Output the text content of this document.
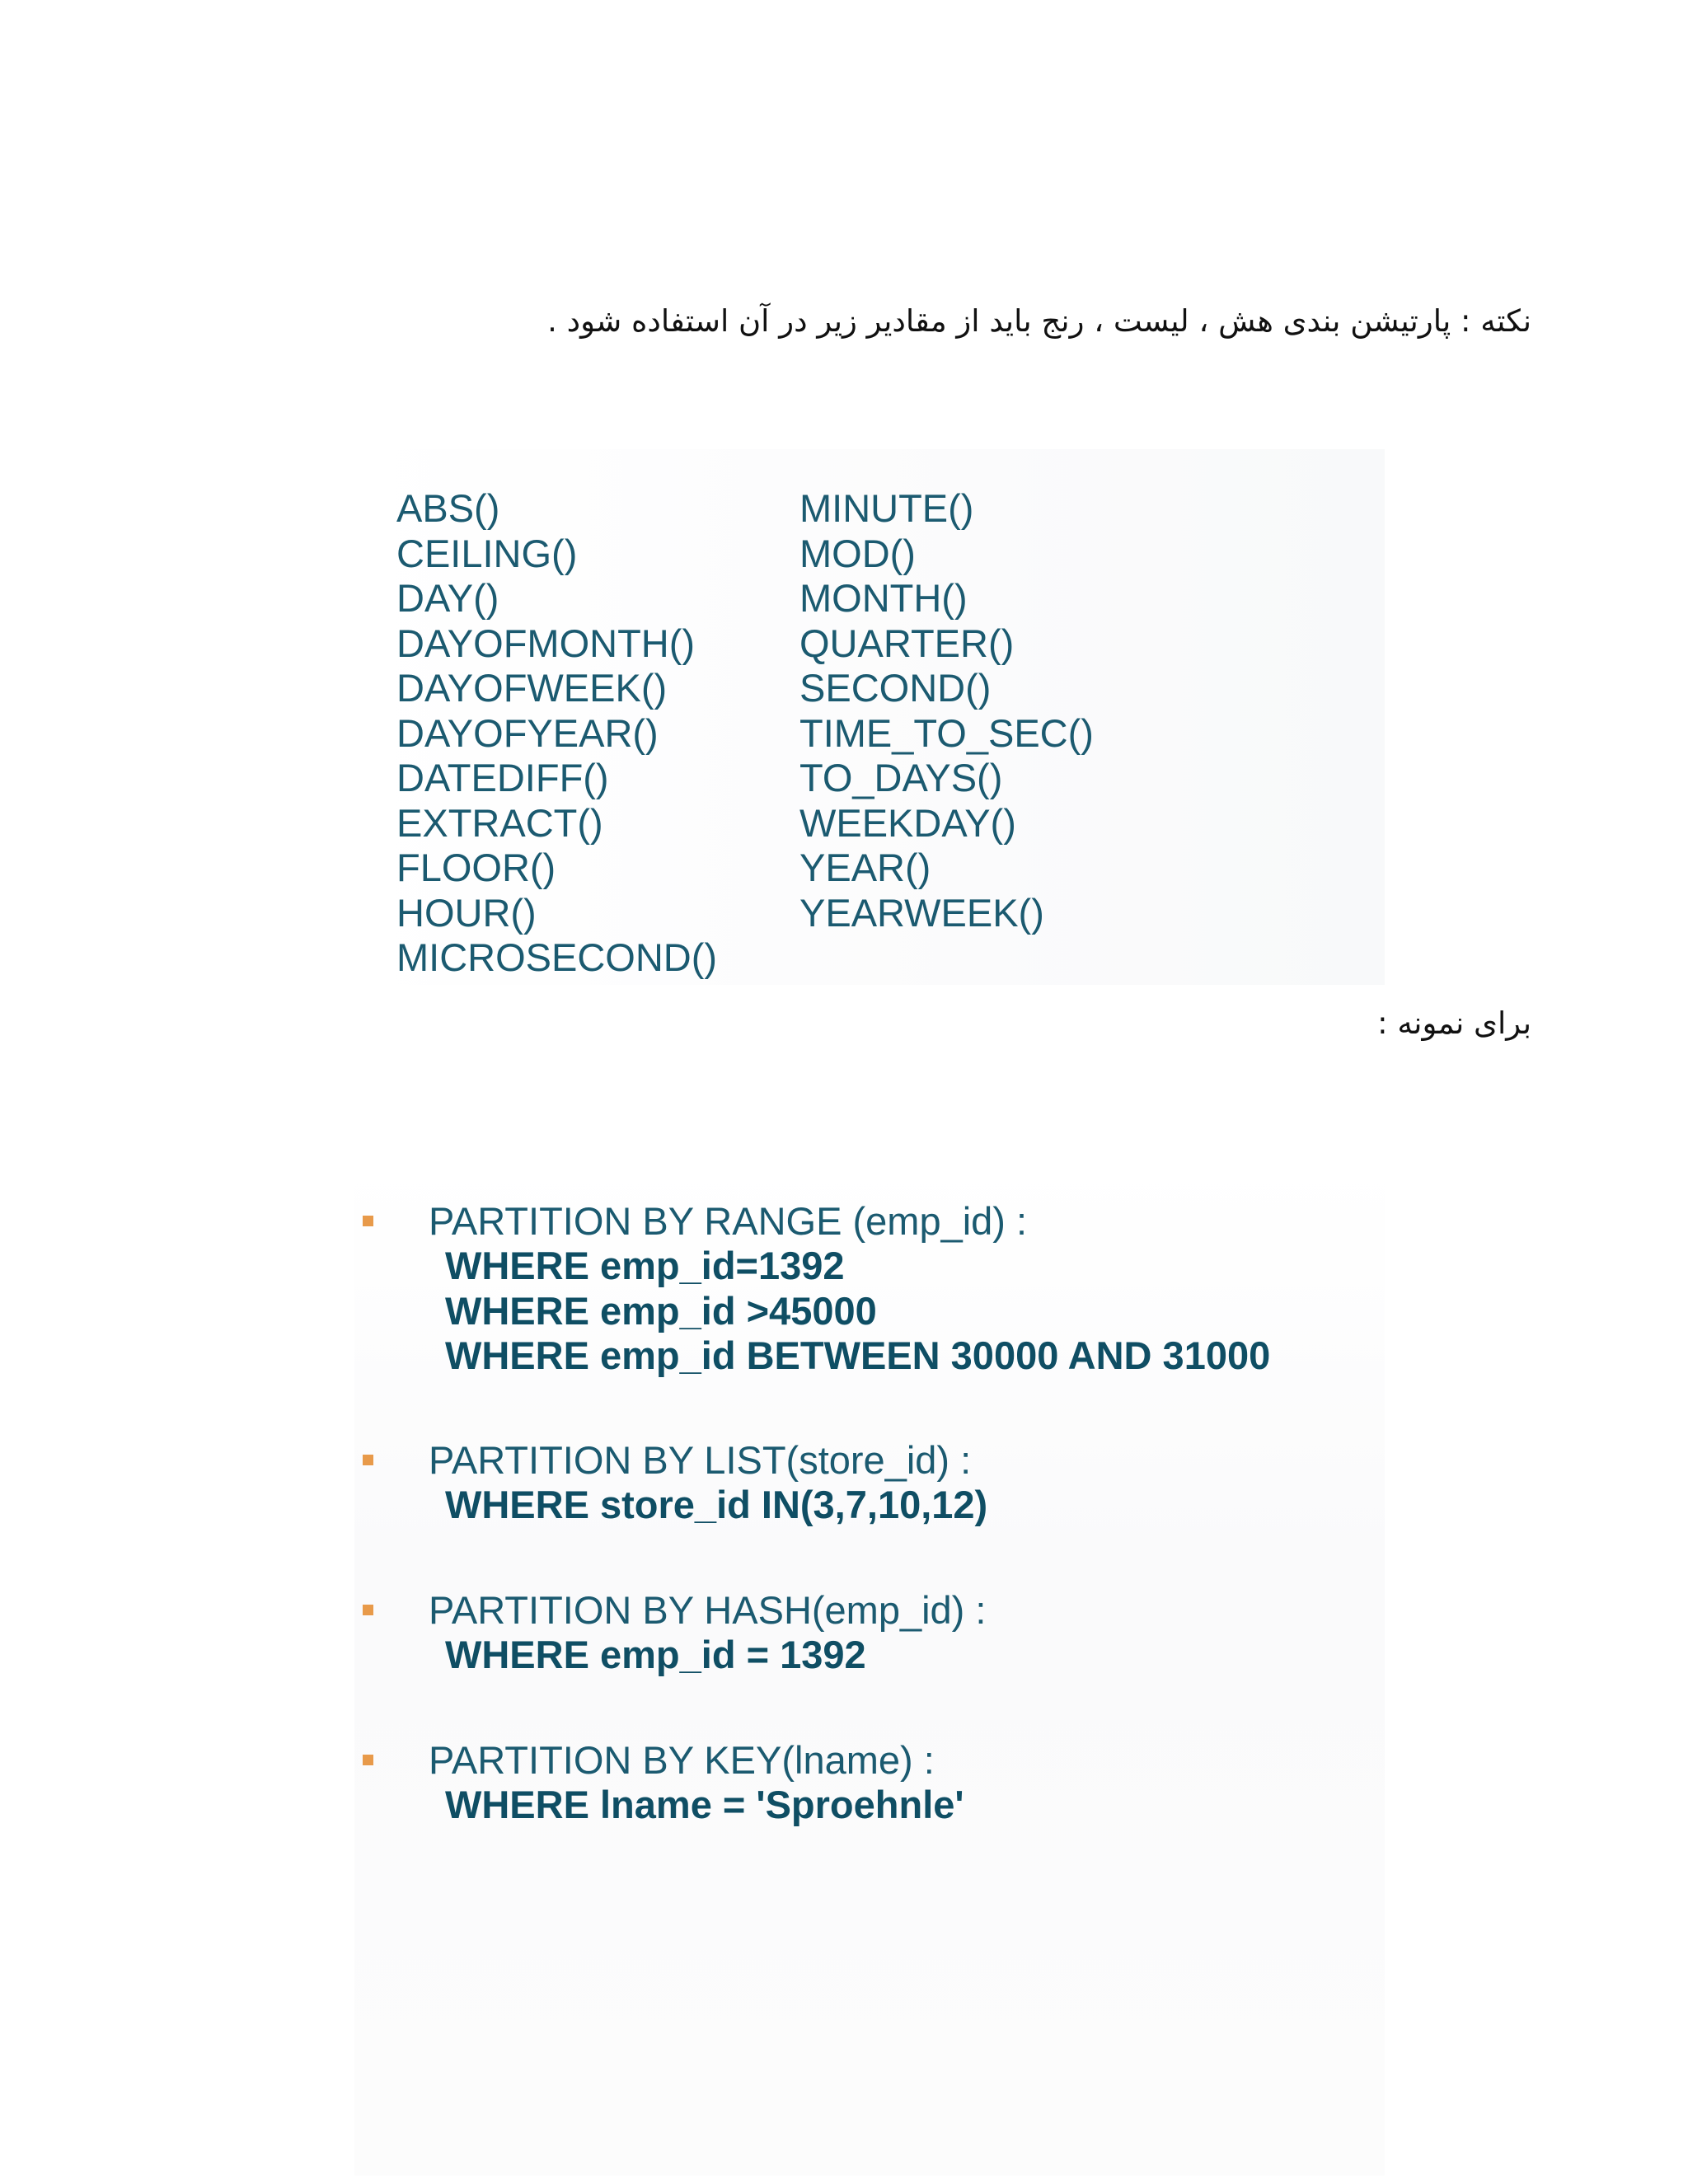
نکته : پارتیشن بندی هش ، لیست ، رنج باید از مقادیر زیر در آن استفاده شود .
ABS()
CEILING()
DAY()
DAYOFMONTH()
DAYOFWEEK()
DAYOFYEAR()
DATEDIFF()
EXTRACT()
FLOOR()
HOUR()
MICROSECOND()
MINUTE()
MOD()
MONTH()
QUARTER()
SECOND()
TIME_TO_SEC()
TO_DAYS()
WEEKDAY()
YEAR()
YEARWEEK()
برای نمونه :
PARTITION BY RANGE (emp_id) :
WHERE emp_id=1392
WHERE emp_id >45000
WHERE emp_id BETWEEN 30000 AND 31000
PARTITION BY LIST(store_id) :
WHERE store_id IN(3,7,10,12)
PARTITION BY HASH(emp_id) :
WHERE emp_id = 1392
PARTITION BY KEY(lname) :
WHERE lname = 'Sproehnle'
